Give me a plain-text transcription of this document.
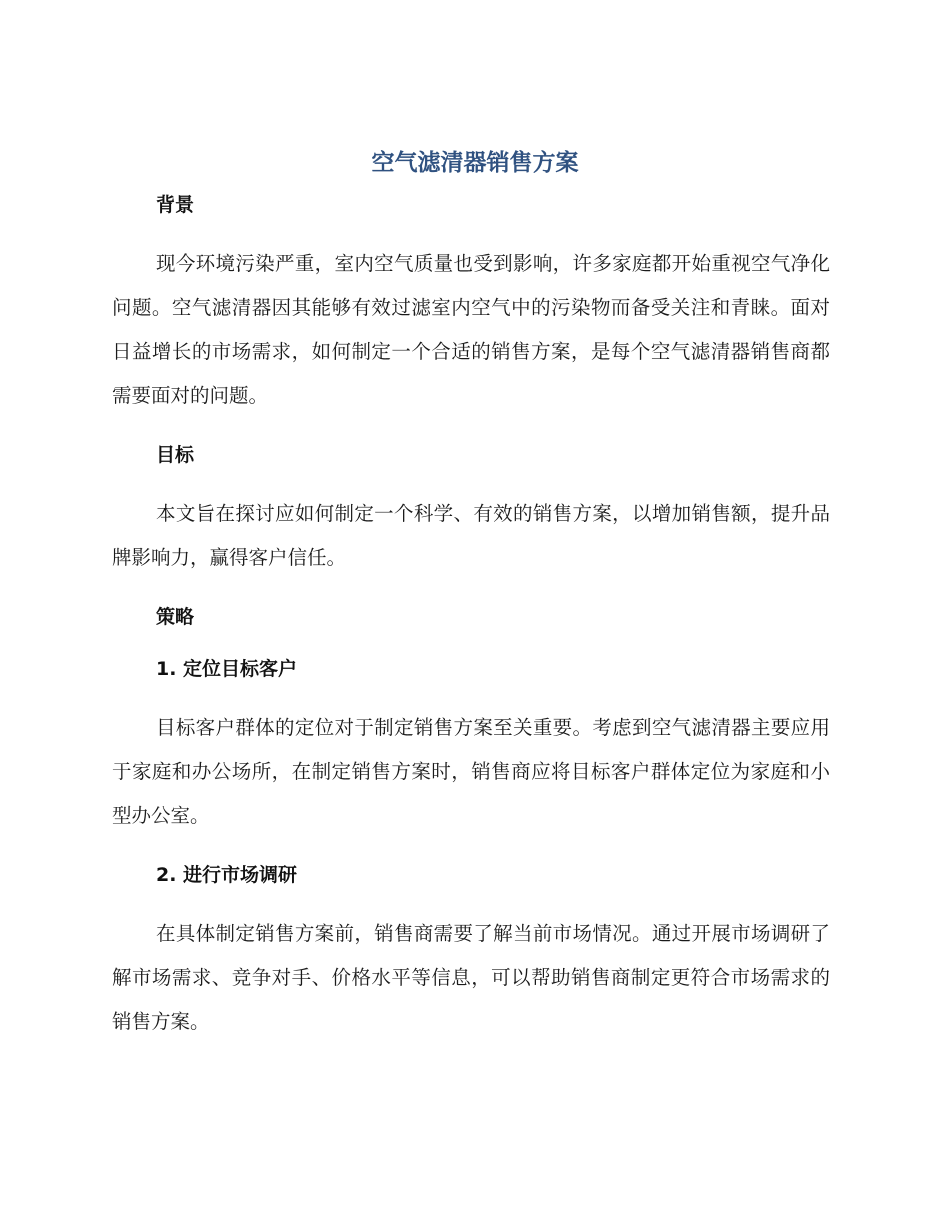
空气滤清器销售方案
背景

现今环境污染严重，室内空气质量也受到影响，许多家庭都开始重视空气净化问题。空气滤清器因其能够有效过滤室内空气中的污染物而备受关注和青睐。面对日益增长的市场需求，如何制定一个合适的销售方案，是每个空气滤清器销售商都需要面对的问题。

目标

本文旨在探讨应如何制定一个科学、有效的销售方案，以增加销售额，提升品牌影响力，赢得客户信任。

策略
1. 定位目标客户

目标客户群体的定位对于制定销售方案至关重要。考虑到空气滤清器主要应用于家庭和办公场所，在制定销售方案时，销售商应将目标客户群体定位为家庭和小型办公室。

2. 进行市场调研

在具体制定销售方案前，销售商需要了解当前市场情况。通过开展市场调研了解市场需求、竞争对手、价格水平等信息，可以帮助销售商制定更符合市场需求的销售方案。
